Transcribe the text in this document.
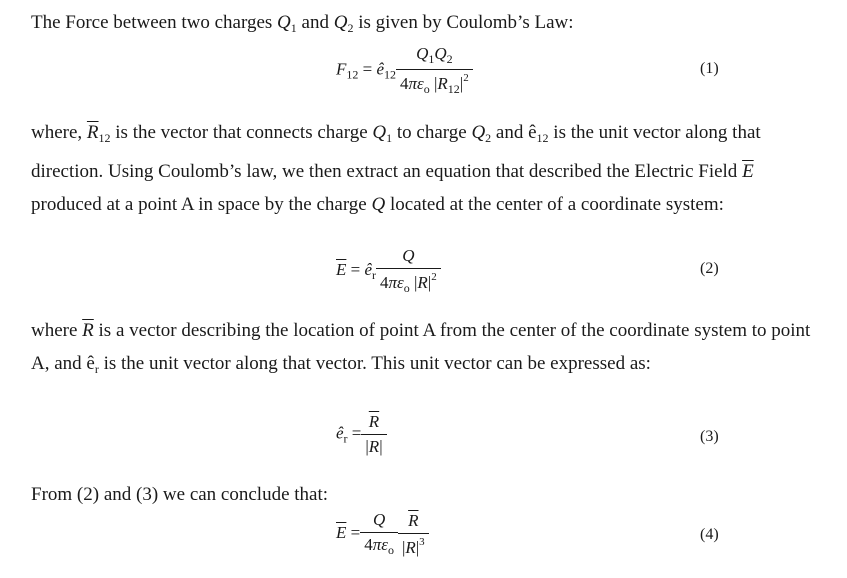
The Force between two charges $Q_1$ and $Q_2$ is given by Coulomb’s Law:

$F_{12}$ = $ê_{12} \frac{Q_1Q_2}{4\pi\varepsilon_o |R_{12}|^2}$	(1)

where, $\overline{R}_{12}$ is the vector that connects charge $Q_1$ to charge $Q_2$ and $ê_{12}$ is the unit vector along that direction. Using Coulomb’s law, we then extract an equation that described the Electric Field $\overline{E}$ produced at a point A in space by the charge Q located at the center of a coordinate system:

$\overline{E}$ = $ê_r \frac{Q}{4\pi\varepsilon_o |R|^2}$	(2)

where $\overline{R}$ is a vector describing the location of point A from the center of the coordinate system to point A, and $ê_r$ is the unit vector along that vector. This unit vector can be expressed as:

$ê_r = \frac{\overline{R}}{|R|}$	(3)

From (2) and (3) we can conclude that:

$\overline{E} = \frac{Q}{4\pi\varepsilon_o} \frac{\overline{R}}{|R|^3}$	(4)
